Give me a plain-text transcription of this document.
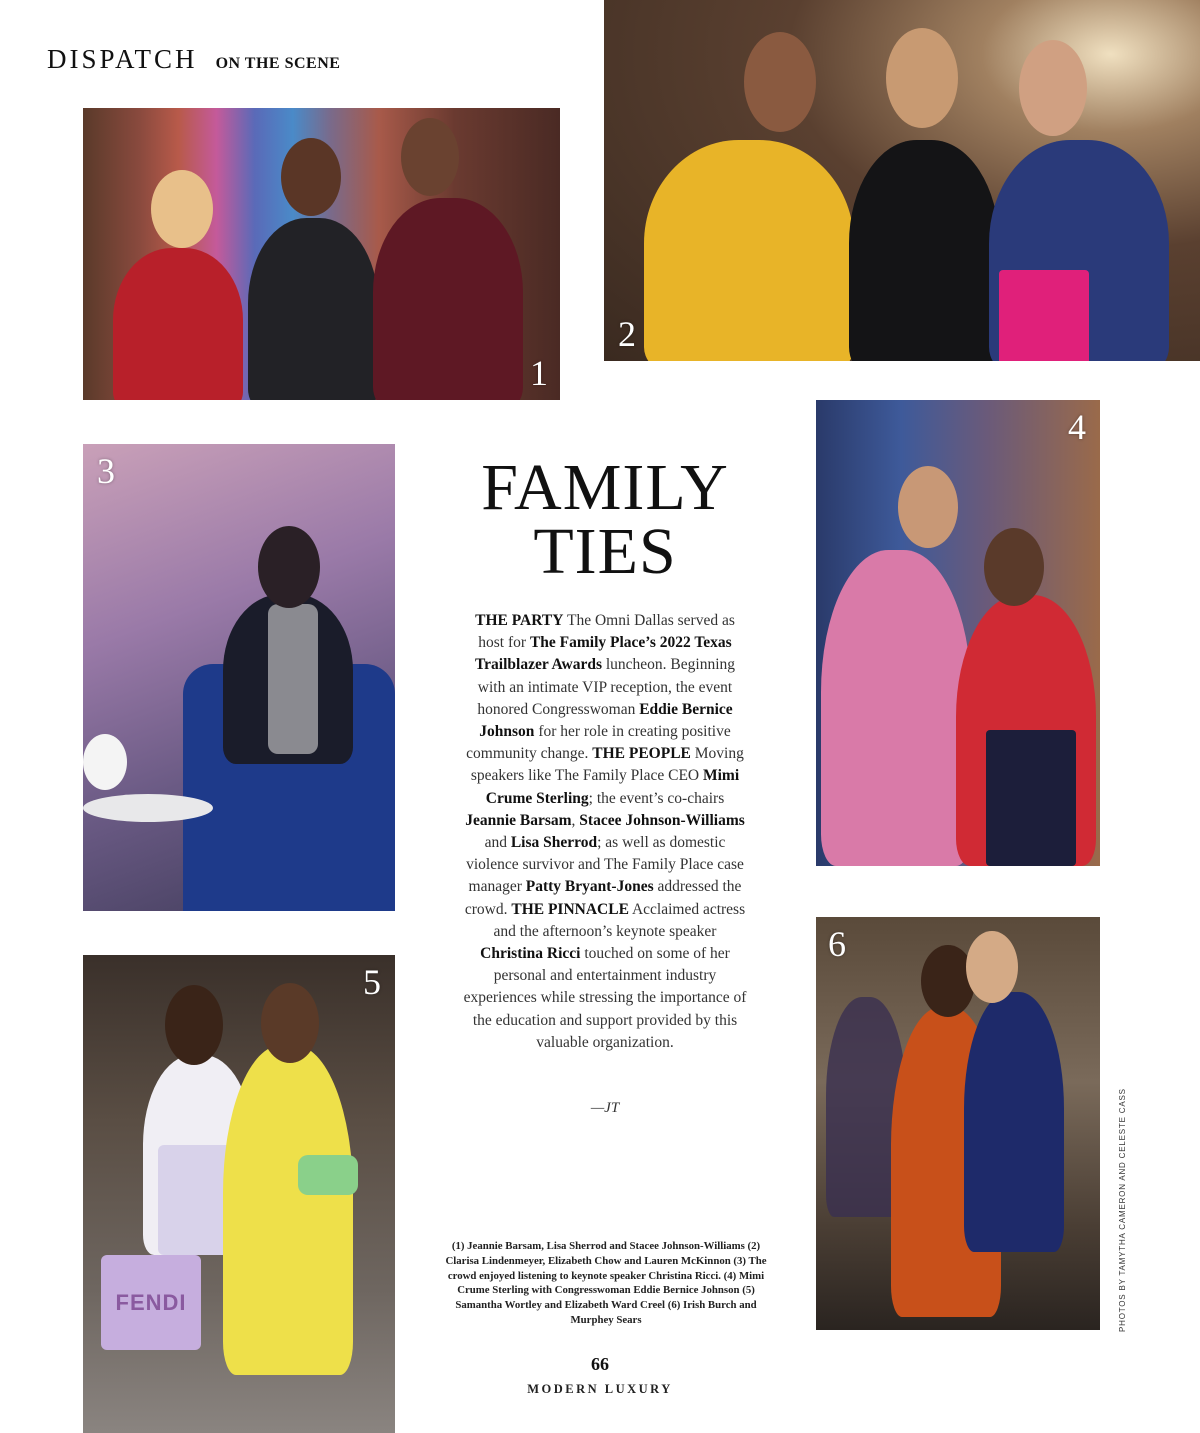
DISPATCH ON THE SCENE
1
2
3
4
FENDI
5
6
FAMILY
TIES
THE PARTY The Omni Dallas served as host for The Family Place’s 2022 Texas Trailblazer Awards luncheon. Beginning with an intimate VIP reception, the event honored Congresswoman Eddie Bernice Johnson for her role in creating positive community change. THE PEOPLE Moving speakers like The Family Place CEO Mimi Crume Sterling; the event’s co-chairs Jeannie Barsam, Stacee Johnson-Williams and Lisa Sherrod; as well as domestic violence survivor and The Family Place case manager Patty Bryant-Jones addressed the crowd. THE PINNACLE Acclaimed actress and the afternoon’s keynote speaker Christina Ricci touched on some of her personal and entertainment industry experiences while stressing the importance of the education and support provided by this valuable organization.
—JT
(1) Jeannie Barsam, Lisa Sherrod and Stacee Johnson-Williams (2) Clarisa Lindenmeyer, Elizabeth Chow and Lauren McKinnon (3) The crowd enjoyed listening to keynote speaker Christina Ricci. (4) Mimi Crume Sterling with Congresswoman Eddie Bernice Johnson (5) Samantha Wortley and Elizabeth Ward Creel (6) Irish Burch and Murphey Sears
66
MODERN LUXURY
PHOTOS BY TAMYTHA CAMERON AND CELESTE CASS
